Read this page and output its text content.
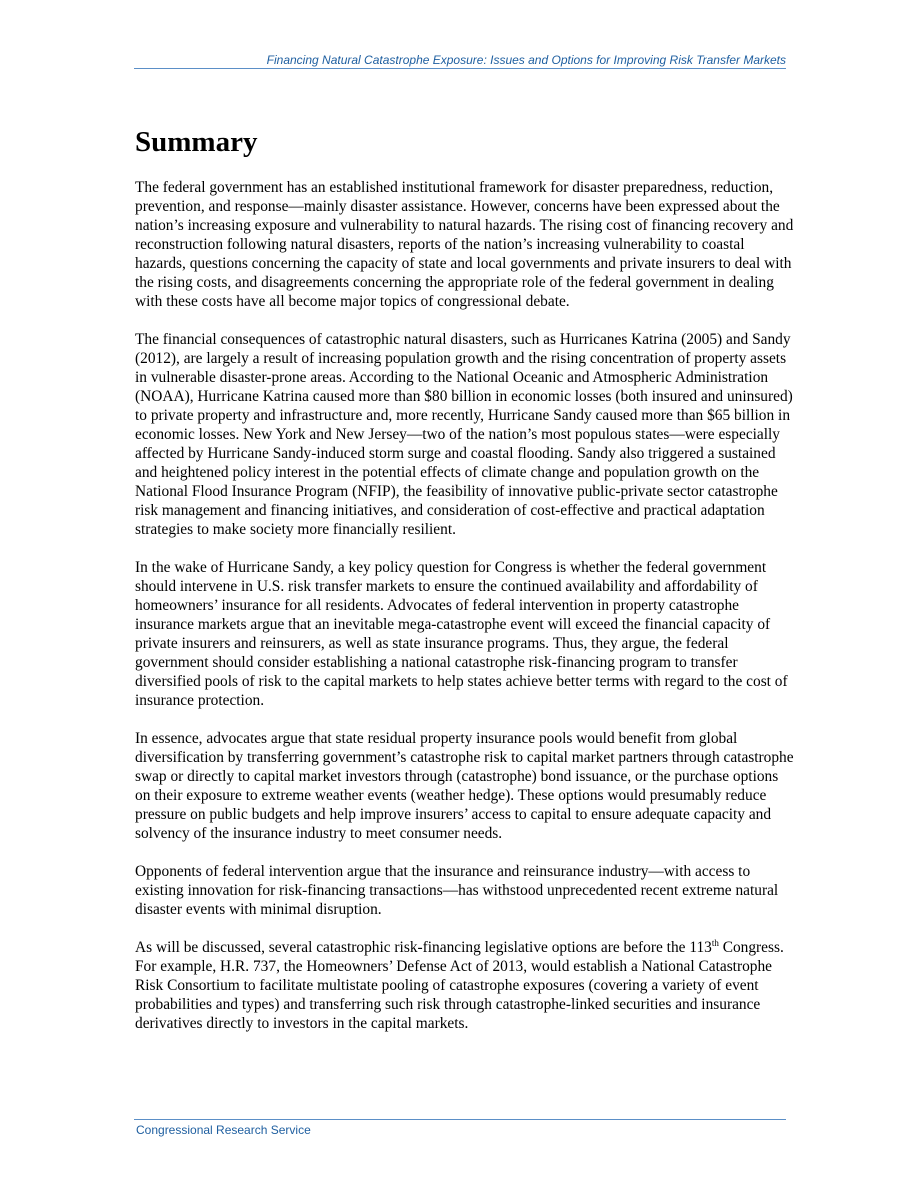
Financing Natural Catastrophe Exposure: Issues and Options for Improving Risk Transfer Markets
Summary

The federal government has an established institutional framework for disaster preparedness, reduction, prevention, and response—mainly disaster assistance. However, concerns have been expressed about the nation’s increasing exposure and vulnerability to natural hazards. The rising cost of financing recovery and reconstruction following natural disasters, reports of the nation’s increasing vulnerability to coastal hazards, questions concerning the capacity of state and local governments and private insurers to deal with the rising costs, and disagreements concerning the appropriate role of the federal government in dealing with these costs have all become major topics of congressional debate.

The financial consequences of catastrophic natural disasters, such as Hurricanes Katrina (2005) and Sandy (2012), are largely a result of increasing population growth and the rising concentration of property assets in vulnerable disaster-prone areas. According to the National Oceanic and Atmospheric Administration (NOAA), Hurricane Katrina caused more than $80 billion in economic losses (both insured and uninsured) to private property and infrastructure and, more recently, Hurricane Sandy caused more than $65 billion in economic losses. New York and New Jersey—two of the nation’s most populous states—were especially affected by Hurricane Sandy-induced storm surge and coastal flooding. Sandy also triggered a sustained and heightened policy interest in the potential effects of climate change and population growth on the National Flood Insurance Program (NFIP), the feasibility of innovative public-private sector catastrophe risk management and financing initiatives, and consideration of cost-effective and practical adaptation strategies to make society more financially resilient.

In the wake of Hurricane Sandy, a key policy question for Congress is whether the federal government should intervene in U.S. risk transfer markets to ensure the continued availability and affordability of homeowners’ insurance for all residents. Advocates of federal intervention in property catastrophe insurance markets argue that an inevitable mega-catastrophe event will exceed the financial capacity of private insurers and reinsurers, as well as state insurance programs. Thus, they argue, the federal government should consider establishing a national catastrophe risk-financing program to transfer diversified pools of risk to the capital markets to help states achieve better terms with regard to the cost of insurance protection.

In essence, advocates argue that state residual property insurance pools would benefit from global diversification by transferring government’s catastrophe risk to capital market partners through catastrophe swap or directly to capital market investors through (catastrophe) bond issuance, or the purchase options on their exposure to extreme weather events (weather hedge). These options would presumably reduce pressure on public budgets and help improve insurers’ access to capital to ensure adequate capacity and solvency of the insurance industry to meet consumer needs.

Opponents of federal intervention argue that the insurance and reinsurance industry—with access to existing innovation for risk-financing transactions—has withstood unprecedented recent extreme natural disaster events with minimal disruption.

As will be discussed, several catastrophic risk-financing legislative options are before the 113th Congress. For example, H.R. 737, the Homeowners’ Defense Act of 2013, would establish a National Catastrophe Risk Consortium to facilitate multistate pooling of catastrophe exposures (covering a variety of event probabilities and types) and transferring such risk through catastrophe-linked securities and insurance derivatives directly to investors in the capital markets.

Congressional Research Service
